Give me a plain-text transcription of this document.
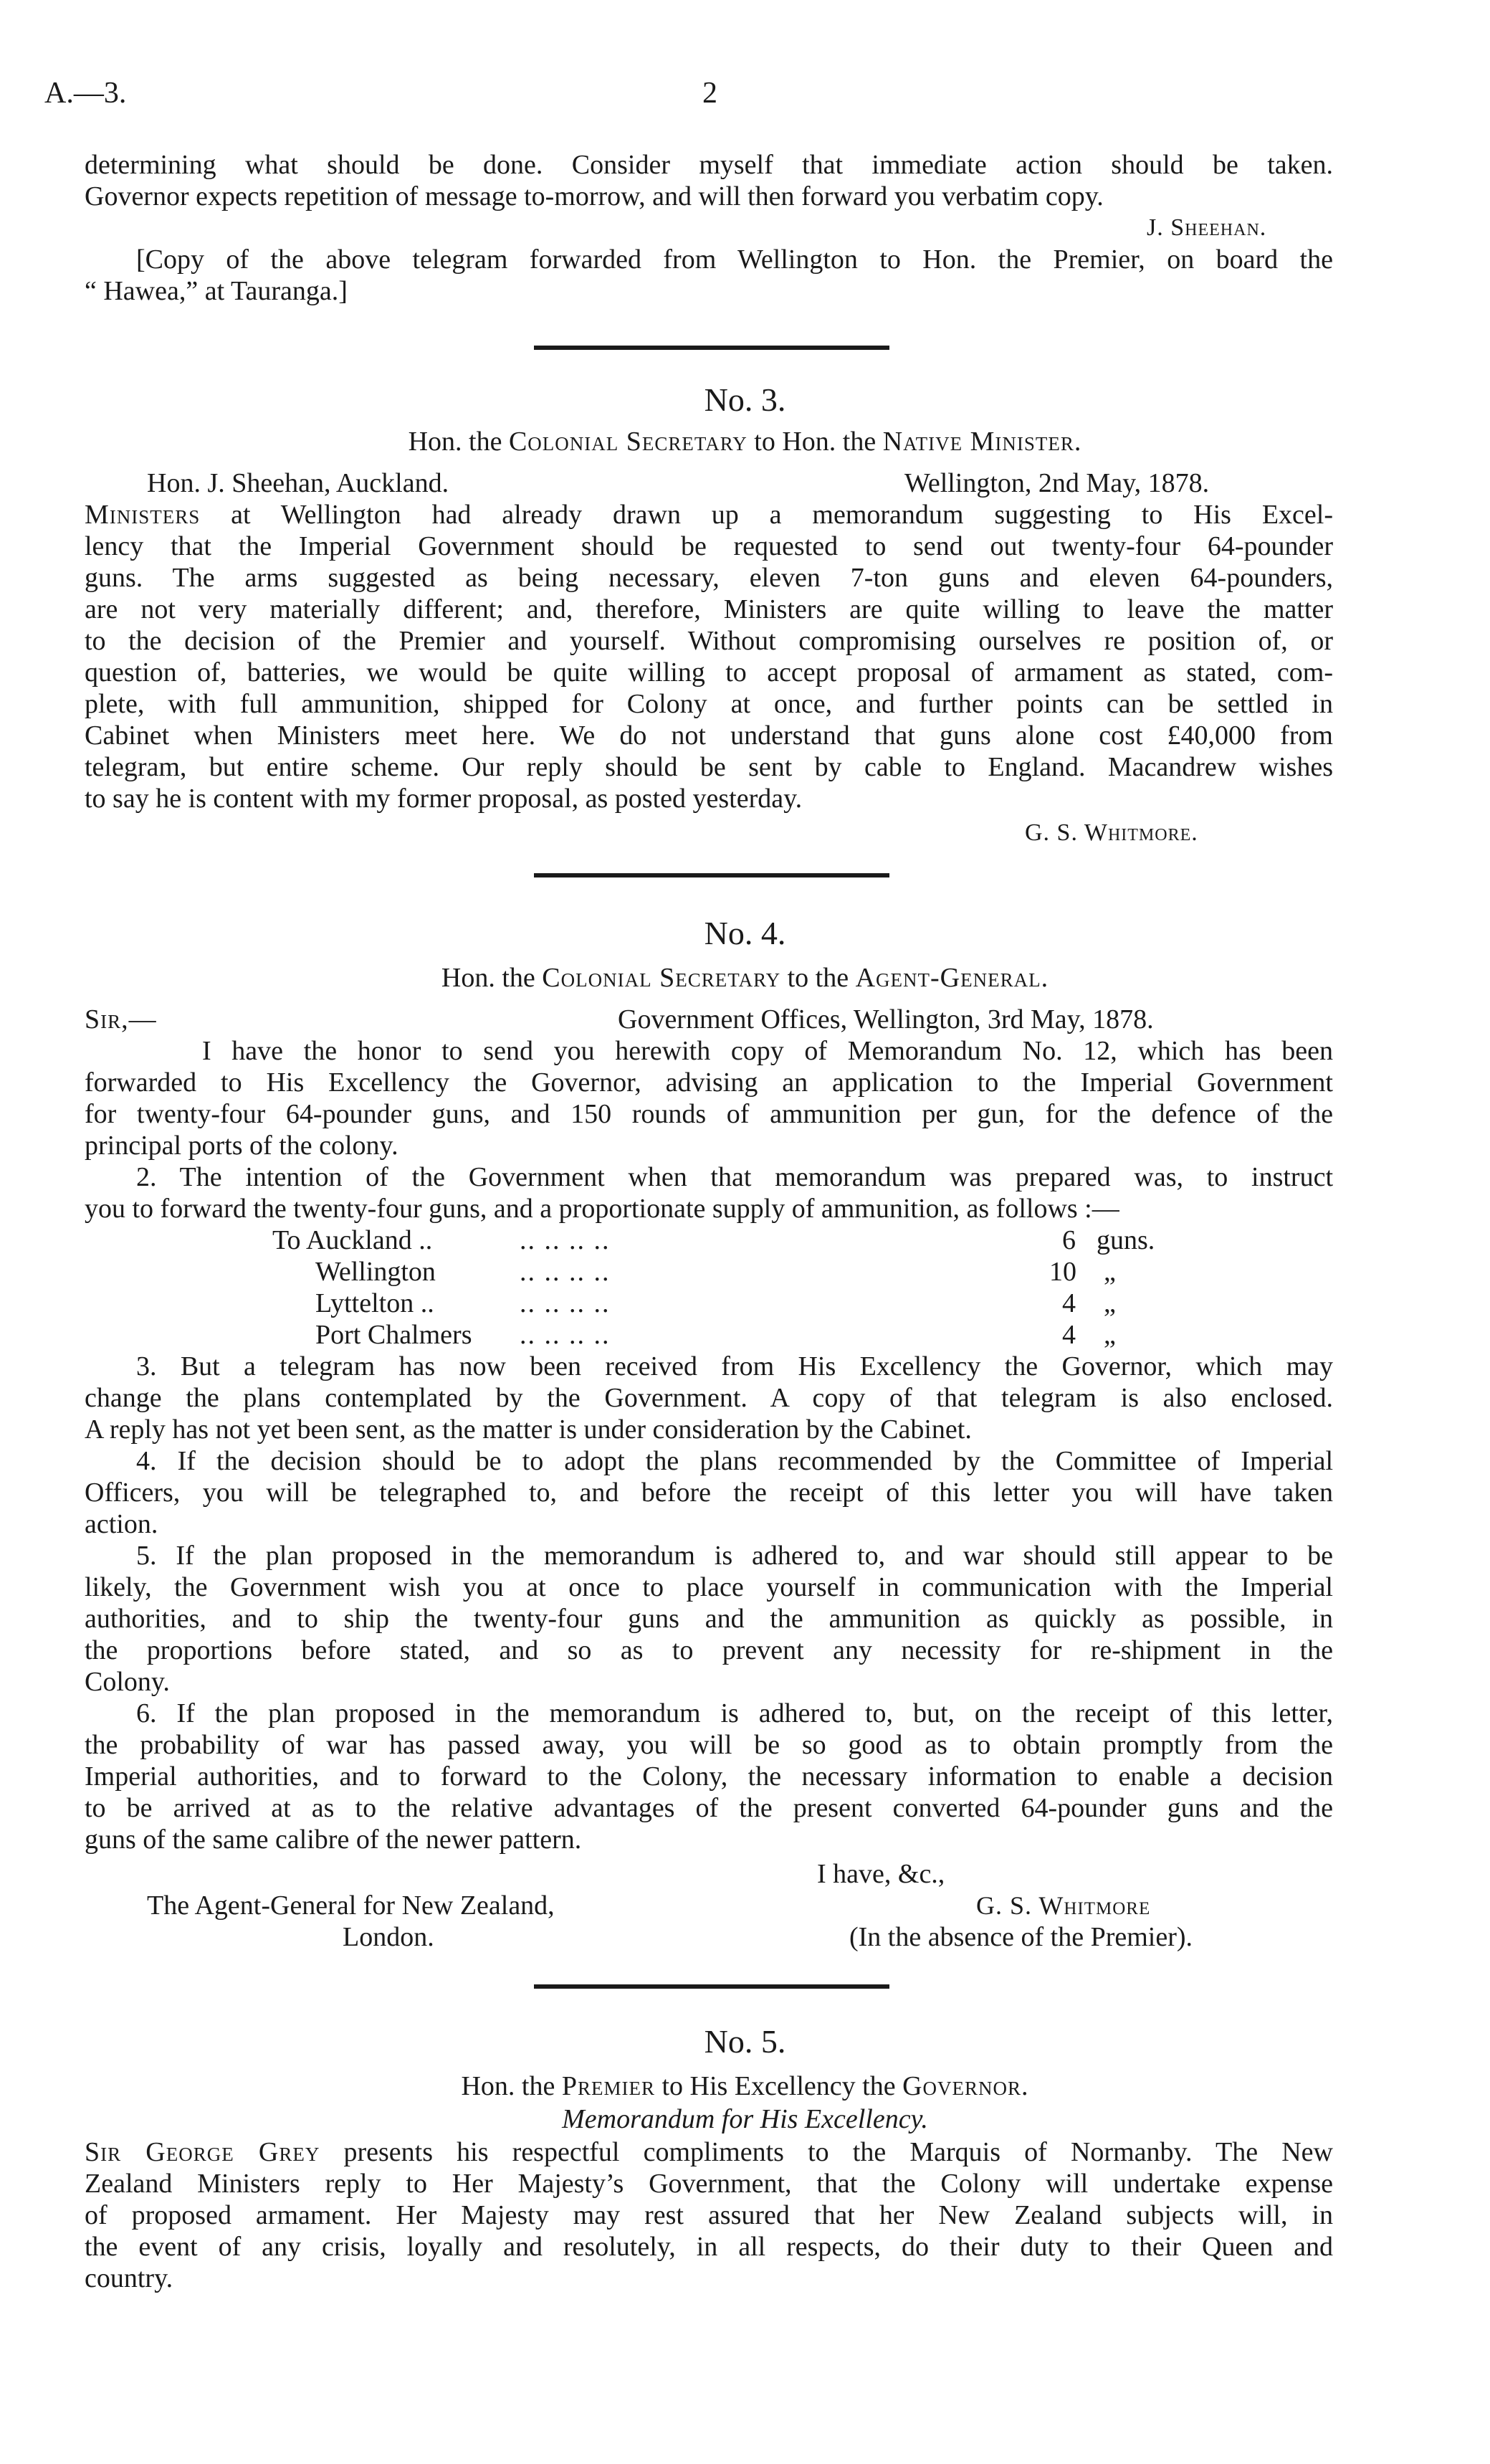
A.—3.	2
determining what should be done. Consider myself that immediate action should be taken.
Governor expects repetition of message to-morrow, and will then forward you verbatim copy.
J. Sheehan.
[Copy of the above telegram forwarded from Wellington to Hon. the Premier, on board the
“ Hawea,” at Tauranga.]
No. 3.
Hon. the Colonial Secretary to Hon. the Native Minister.
Hon. J. Sheehan, Auckland.	Wellington, 2nd May, 1878.
Ministers at Wellington had already drawn up a memorandum suggesting to His Excel-
lency that the Imperial Government should be requested to send out twenty-four 64-pounder
guns. The arms suggested as being necessary, eleven 7-ton guns and eleven 64-pounders,
are not very materially different; and, therefore, Ministers are quite willing to leave the matter
to the decision of the Premier and yourself. Without compromising ourselves re position of, or
question of, batteries, we would be quite willing to accept proposal of armament as stated, com-
plete, with full ammunition, shipped for Colony at once, and further points can be settled in
Cabinet when Ministers meet here. We do not understand that guns alone cost £40,000 from
telegram, but entire scheme. Our reply should be sent by cable to England. Macandrew wishes
to say he is content with my former proposal, as posted yesterday.
G. S. Whitmore.
No. 4.
Hon. the Colonial Secretary to the Agent-General.
Sir,—	Government Offices, Wellington, 3rd May, 1878.
I have the honor to send you herewith copy of Memorandum No. 12, which has been
forwarded to His Excellency the Governor, advising an application to the Imperial Government
for twenty-four 64-pounder guns, and 150 rounds of ammunition per gun, for the defence of the
principal ports of the colony.
2. The intention of the Government when that memorandum was prepared was, to instruct
you to forward the twenty-four guns, and a proportionate supply of ammunition, as follows :—
To Auckland ..	.. .. .. ..	6 guns.
Wellington	.. .. .. ..	10 „
Lyttelton ..	.. .. .. ..	4 „
Port Chalmers .. .. .. ..	4 „
3. But a telegram has now been received from His Excellency the Governor, which may
change the plans contemplated by the Government. A copy of that telegram is also enclosed.
A reply has not yet been sent, as the matter is under consideration by the Cabinet.
4. If the decision should be to adopt the plans recommended by the Committee of Imperial
Officers, you will be telegraphed to, and before the receipt of this letter you will have taken
action.
5. If the plan proposed in the memorandum is adhered to, and war should still appear to be
likely, the Government wish you at once to place yourself in communication with the Imperial
authorities, and to ship the twenty-four guns and the ammunition as quickly as possible, in
the proportions before stated, and so as to prevent any necessity for re-shipment in the
Colony.
6. If the plan proposed in the memorandum is adhered to, but, on the receipt of this letter,
the probability of war has passed away, you will be so good as to obtain promptly from the
Imperial authorities, and to forward to the Colony, the necessary information to enable a decision
to be arrived at as to the relative advantages of the present converted 64-pounder guns and the
guns of the same calibre of the newer pattern.
I have, &c.,
The Agent-General for New Zealand,	G. S. Whitmore
London.	(In the absence of the Premier).
No. 5.
Hon. the Premier to His Excellency the Governor.
Memorandum for His Excellency.
Sir George Grey presents his respectful compliments to the Marquis of Normanby. The New
Zealand Ministers reply to Her Majesty’s Government, that the Colony will undertake expense
of proposed armament. Her Majesty may rest assured that her New Zealand subjects will, in
the event of any crisis, loyally and resolutely, in all respects, do their duty to their Queen and
country.
